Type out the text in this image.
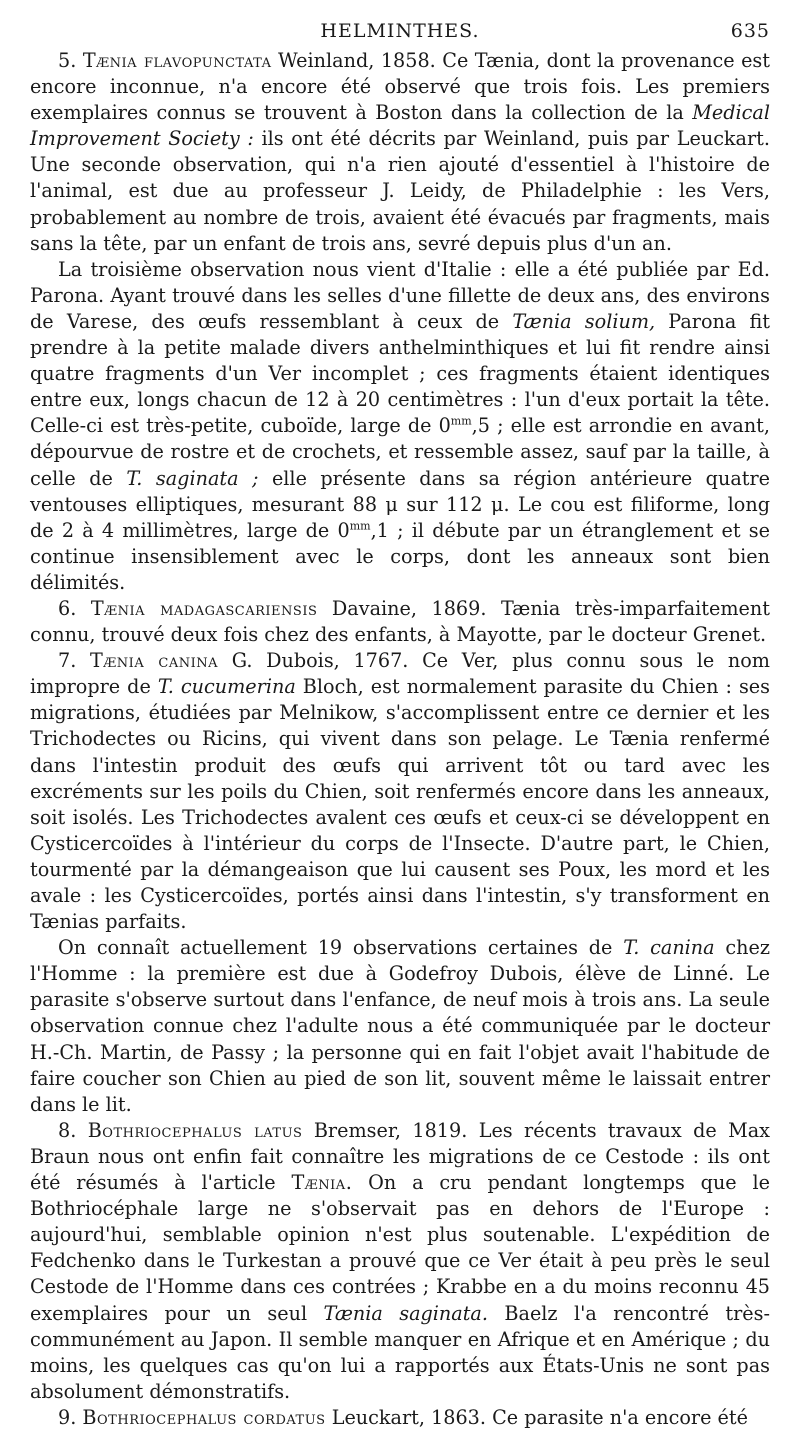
HELMINTHES.	635

5. Tænia flavopunctata Weinland, 1858. Ce Tænia, dont la provenance est encore inconnue, n'a encore été observé que trois fois. Les premiers exemplaires connus se trouvent à Boston dans la collection de la Medical Improvement Society : ils ont été décrits par Weinland, puis par Leuckart. Une seconde observation, qui n'a rien ajouté d'essentiel à l'histoire de l'animal, est due au professeur J. Leidy, de Philadelphie : les Vers, probablement au nombre de trois, avaient été évacués par fragments, mais sans la tête, par un enfant de trois ans, sevré depuis plus d'un an.

La troisième observation nous vient d'Italie : elle a été publiée par Ed. Parona. Ayant trouvé dans les selles d'une fillette de deux ans, des environs de Varese, des œufs ressemblant à ceux de Tænia solium, Parona fit prendre à la petite malade divers anthelminthiques et lui fit rendre ainsi quatre fragments d'un Ver incomplet ; ces fragments étaient identiques entre eux, longs chacun de 12 à 20 centimètres : l'un d'eux portait la tête. Celle-ci est très-petite, cuboïde, large de $0^{mm},5$ ; elle est arrondie en avant, dépourvue de rostre et de crochets, et ressemble assez, sauf par la taille, à celle de T. saginata ; elle présente dans sa région antérieure quatre ventouses elliptiques, mesurant 88 μ sur 112 μ. Le cou est filiforme, long de 2 à 4 millimètres, large de $0^{mm},1$ ; il débute par un étranglement et se continue insensiblement avec le corps, dont les anneaux sont bien délimités.

6. Tænia madagascariensis Davaine, 1869. Tænia très-imparfaitement connu, trouvé deux fois chez des enfants, à Mayotte, par le docteur Grenet.

7. Tænia canina G. Dubois, 1767. Ce Ver, plus connu sous le nom impropre de T. cucumerina Bloch, est normalement parasite du Chien : ses migrations, étudiées par Melnikow, s'accomplissent entre ce dernier et les Trichodectes ou Ricins, qui vivent dans son pelage. Le Tænia renfermé dans l'intestin produit des œufs qui arrivent tôt ou tard avec les excréments sur les poils du Chien, soit renfermés encore dans les anneaux, soit isolés. Les Trichodectes avalent ces œufs et ceux-ci se développent en Cysticercoïdes à l'intérieur du corps de l'Insecte. D'autre part, le Chien, tourmenté par la démangeaison que lui causent ses Poux, les mord et les avale : les Cysticercoïdes, portés ainsi dans l'intestin, s'y transforment en Tænias parfaits.

On connaît actuellement 19 observations certaines de T. canina chez l'Homme : la première est due à Godefroy Dubois, élève de Linné. Le parasite s'observe surtout dans l'enfance, de neuf mois à trois ans. La seule observation connue chez l'adulte nous a été communiquée par le docteur H.-Ch. Martin, de Passy ; la personne qui en fait l'objet avait l'habitude de faire coucher son Chien au pied de son lit, souvent même le laissait entrer dans le lit.

8. Bothriocephalus latus Bremser, 1819. Les récents travaux de Max Braun nous ont enfin fait connaître les migrations de ce Cestode : ils ont été résumés à l'article Tænia. On a cru pendant longtemps que le Bothriocéphale large ne s'observait pas en dehors de l'Europe : aujourd'hui, semblable opinion n'est plus soutenable. L'expédition de Fedchenko dans le Turkestan a prouvé que ce Ver était à peu près le seul Cestode de l'Homme dans ces contrées ; Krabbe en a du moins reconnu 45 exemplaires pour un seul Tænia saginata. Baelz l'a rencontré très-communément au Japon. Il semble manquer en Afrique et en Amérique ; du moins, les quelques cas qu'on lui a rapportés aux États-Unis ne sont pas absolument démonstratifs.

9. Bothriocephalus cordatus Leuckart, 1863. Ce parasite n'a encore été
